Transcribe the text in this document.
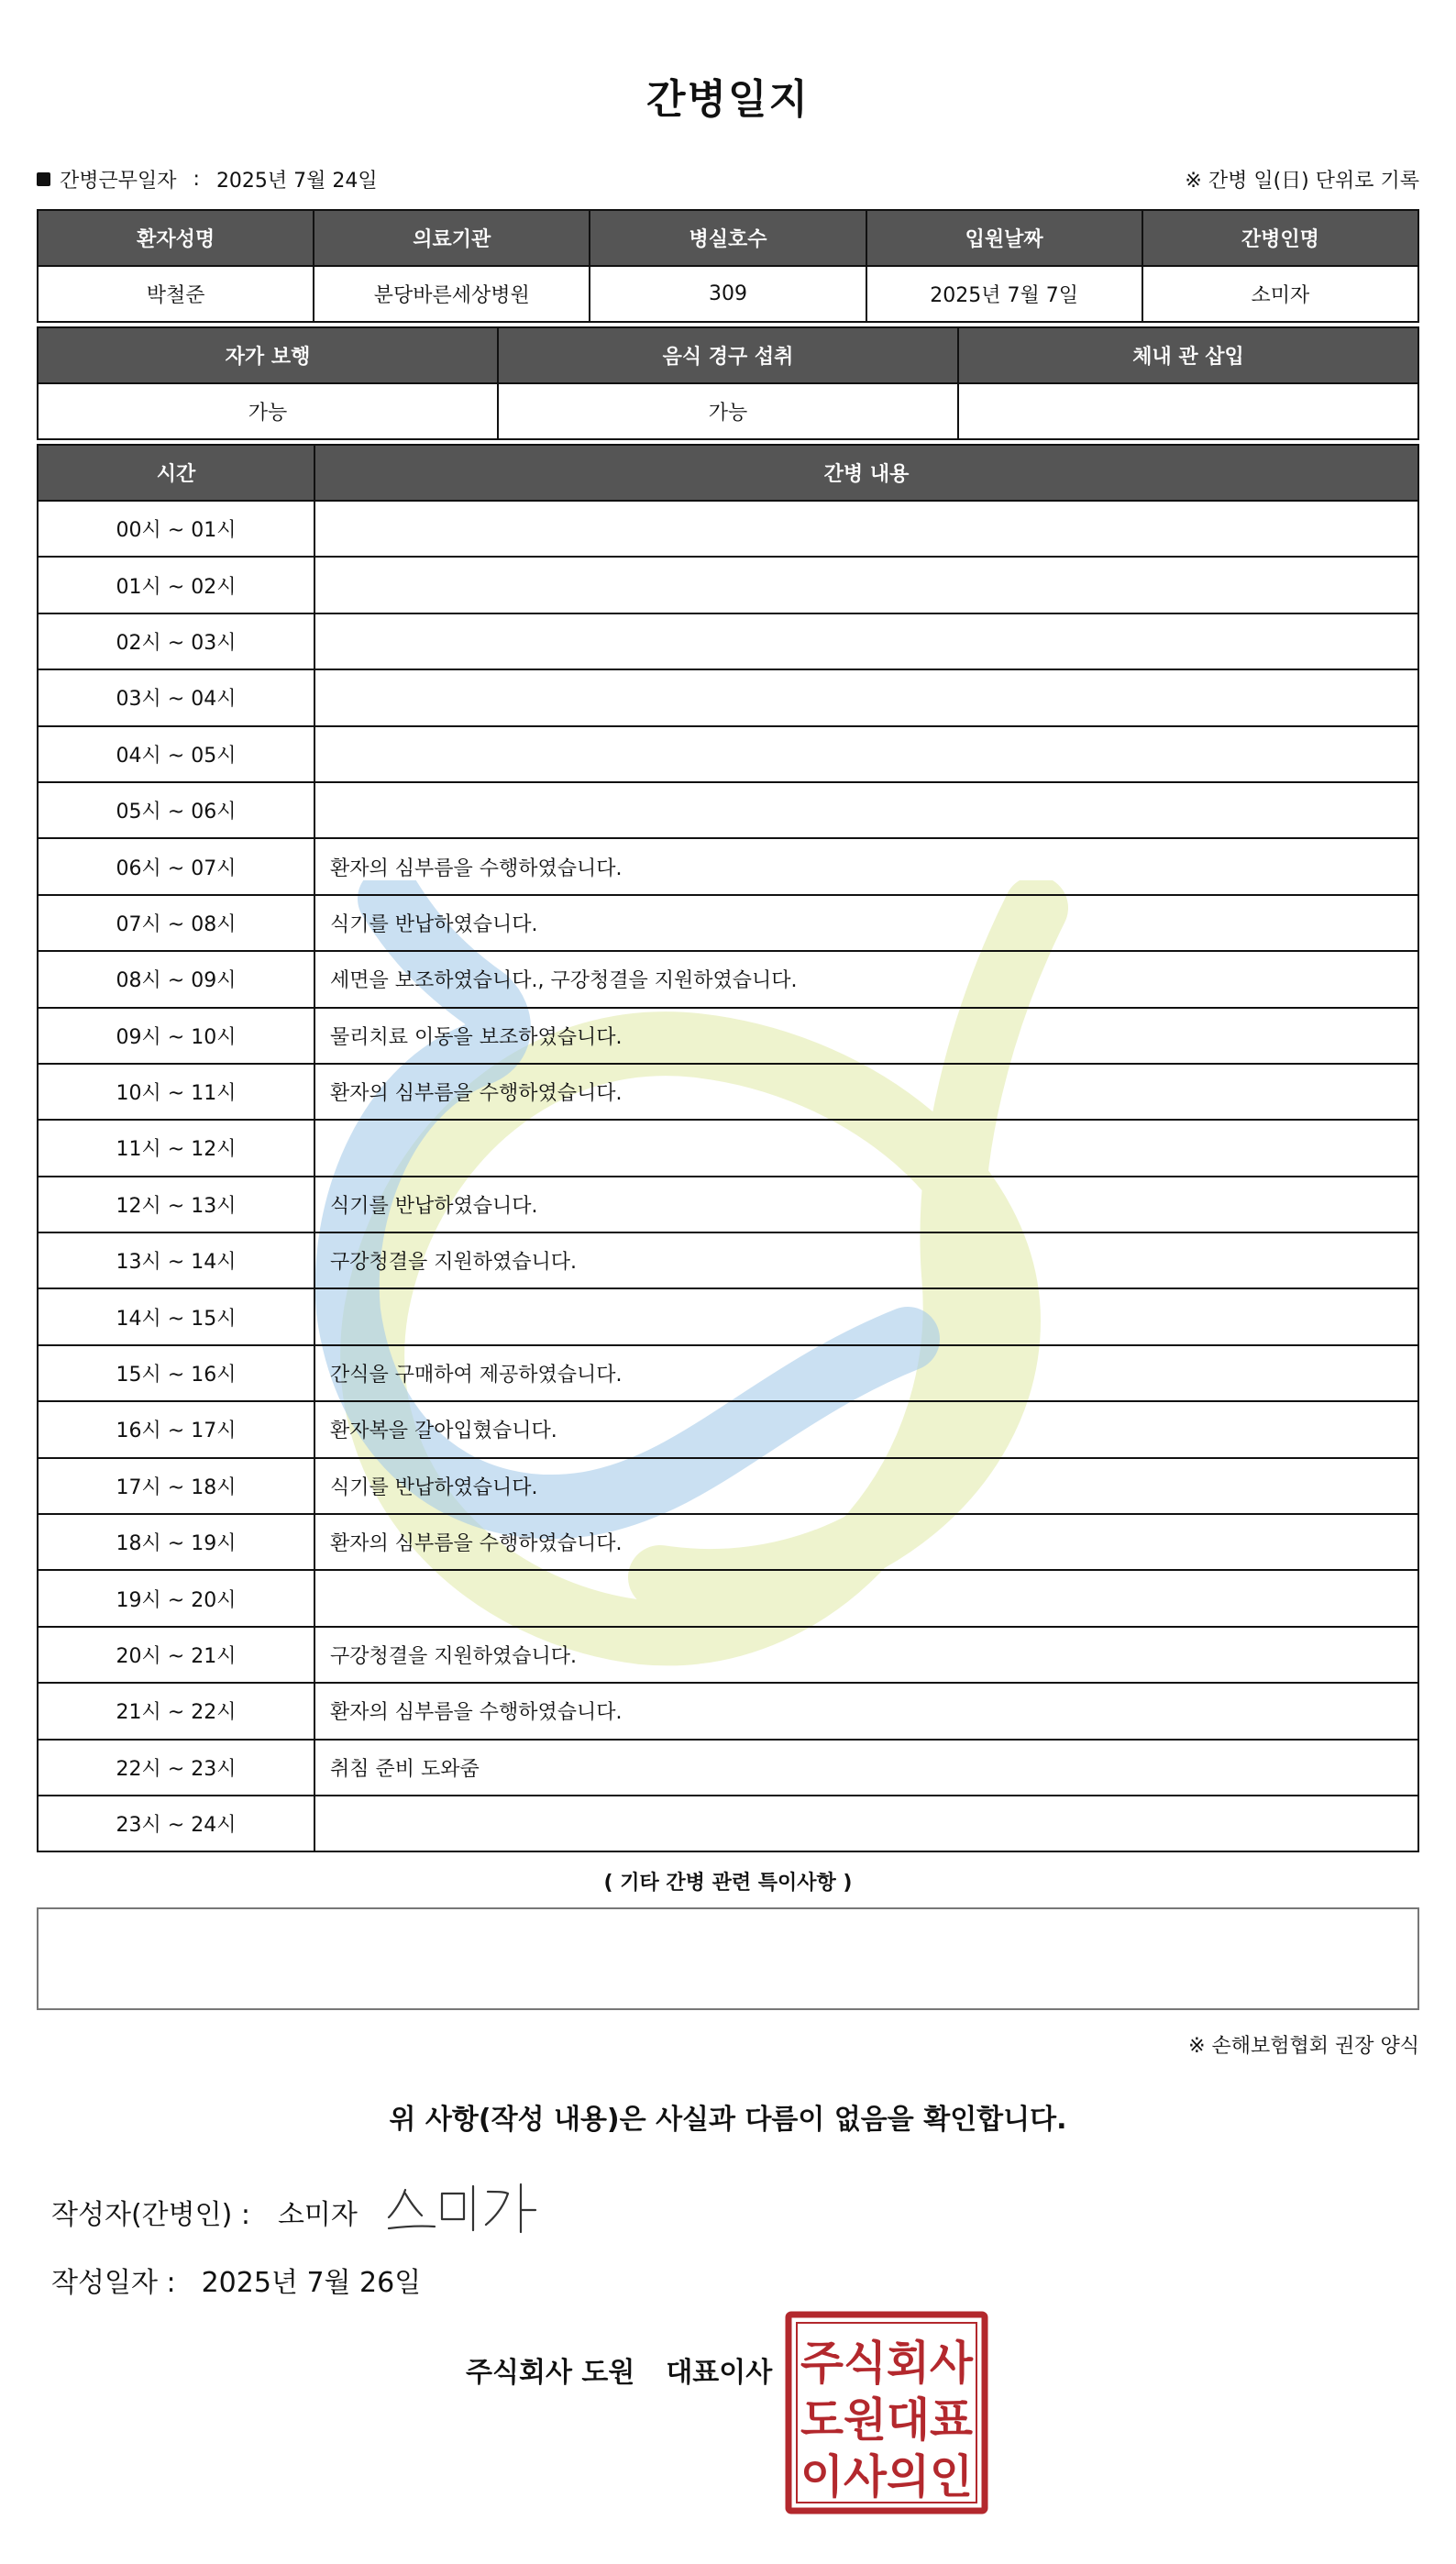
간병일지
간병근무일자 : 2025년 7월 24일	※ 간병 일(日) 단위로 기록
환자성명	의료기관	병실호수	입원날짜	간병인명
박철준	분당바른세상병원	309	2025년 7월 7일	소미자
자가 보행	음식 경구 섭취	체내 관 삽입
가능	가능	
시간	간병 내용
00시 ~ 01시	
01시 ~ 02시	
02시 ~ 03시	
03시 ~ 04시	
04시 ~ 05시	
05시 ~ 06시	
06시 ~ 07시	환자의 심부름을 수행하였습니다.
07시 ~ 08시	식기를 반납하였습니다.
08시 ~ 09시	세면을 보조하였습니다., 구강청결을 지원하였습니다.
09시 ~ 10시	물리치료 이동을 보조하였습니다.
10시 ~ 11시	환자의 심부름을 수행하였습니다.
11시 ~ 12시	
12시 ~ 13시	식기를 반납하였습니다.
13시 ~ 14시	구강청결을 지원하였습니다.
14시 ~ 15시	
15시 ~ 16시	간식을 구매하여 제공하였습니다.
16시 ~ 17시	환자복을 갈아입혔습니다.
17시 ~ 18시	식기를 반납하였습니다.
18시 ~ 19시	환자의 심부름을 수행하였습니다.
19시 ~ 20시	
20시 ~ 21시	구강청결을 지원하였습니다.
21시 ~ 22시	환자의 심부름을 수행하였습니다.
22시 ~ 23시	취침 준비 도와줌
23시 ~ 24시	
( 기타 간병 관련 특이사항 )
※ 손해보험협회 권장 양식
위 사항(작성 내용)은 사실과 다름이 없음을 확인합니다.
작성자(간병인) : 소미자
작성일자 : 2025년 7월 26일
주식회사 도원 대표이사 주식회사
도원대표
이사의인
